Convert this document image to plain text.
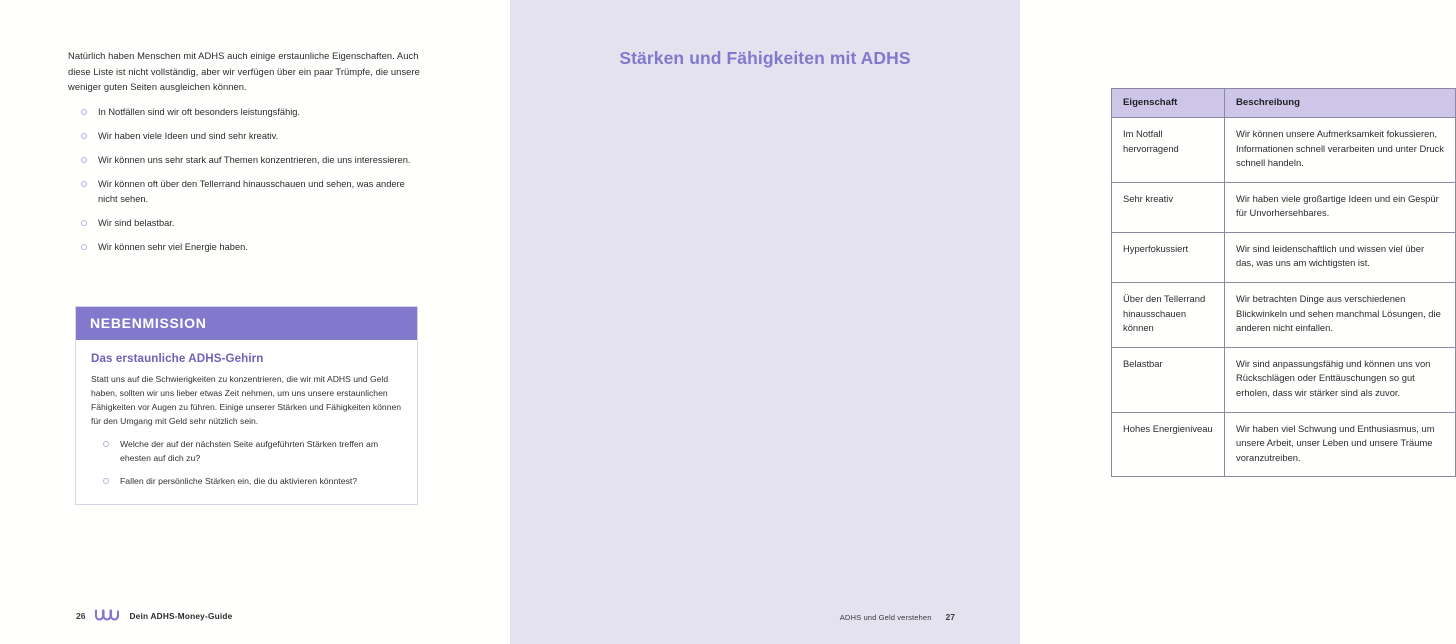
Natürlich haben Menschen mit ADHS auch einige erstaunliche Eigenschaften. Auch diese Liste ist nicht vollständig, aber wir verfügen über ein paar Trümpfe, die unsere weniger guten Seiten ausgleichen können.

In Notfällen sind wir oft besonders leistungsfähig.
Wir haben viele Ideen und sind sehr kreativ.
Wir können uns sehr stark auf Themen konzentrieren, die uns interessieren.
Wir können oft über den Tellerrand hinausschauen und sehen, was andere nicht sehen.
Wir sind belastbar.
Wir können sehr viel Energie haben.
NEBENMISSION
Das erstaunliche ADHS-Gehirn

Statt uns auf die Schwierigkeiten zu konzentrieren, die wir mit ADHS und Geld haben, sollten wir uns lieber etwas Zeit nehmen, um uns unsere erstaunlichen Fähigkeiten vor Augen zu führen. Einige unserer Stärken und Fähigkeiten können für den Umgang mit Geld sehr nützlich sein.

Welche der auf der nächsten Seite aufgeführten Stärken treffen am ehesten auf dich zu?
Fallen dir persönliche Stärken ein, die du aktivieren könntest?
26	Dein ADHS-Money-Guide
Stärken und Fähigkeiten mit ADHS
Eigenschaft	Beschreibung
Im Notfall hervorragend	Wir können unsere Aufmerksamkeit fokussieren, Informationen schnell verarbeiten und unter Druck schnell handeln.
Sehr kreativ	Wir haben viele großartige Ideen und ein Gespür für Unvorhersehbares.
Hyperfokussiert	Wir sind leidenschaftlich und wissen viel über das, was uns am wichtigsten ist.
Über den Tellerrand hinausschauen können	Wir betrachten Dinge aus verschiedenen Blickwinkeln und sehen manchmal Lösungen, die anderen nicht einfallen.
Belastbar	Wir sind anpassungsfähig und können uns von Rückschlägen oder Enttäuschungen so gut erholen, dass wir stärker sind als zuvor.
Hohes Energieniveau	Wir haben viel Schwung und Enthusiasmus, um unsere Arbeit, unser Leben und unsere Träume voranzutreiben.
ADHS und Geld verstehen 27
